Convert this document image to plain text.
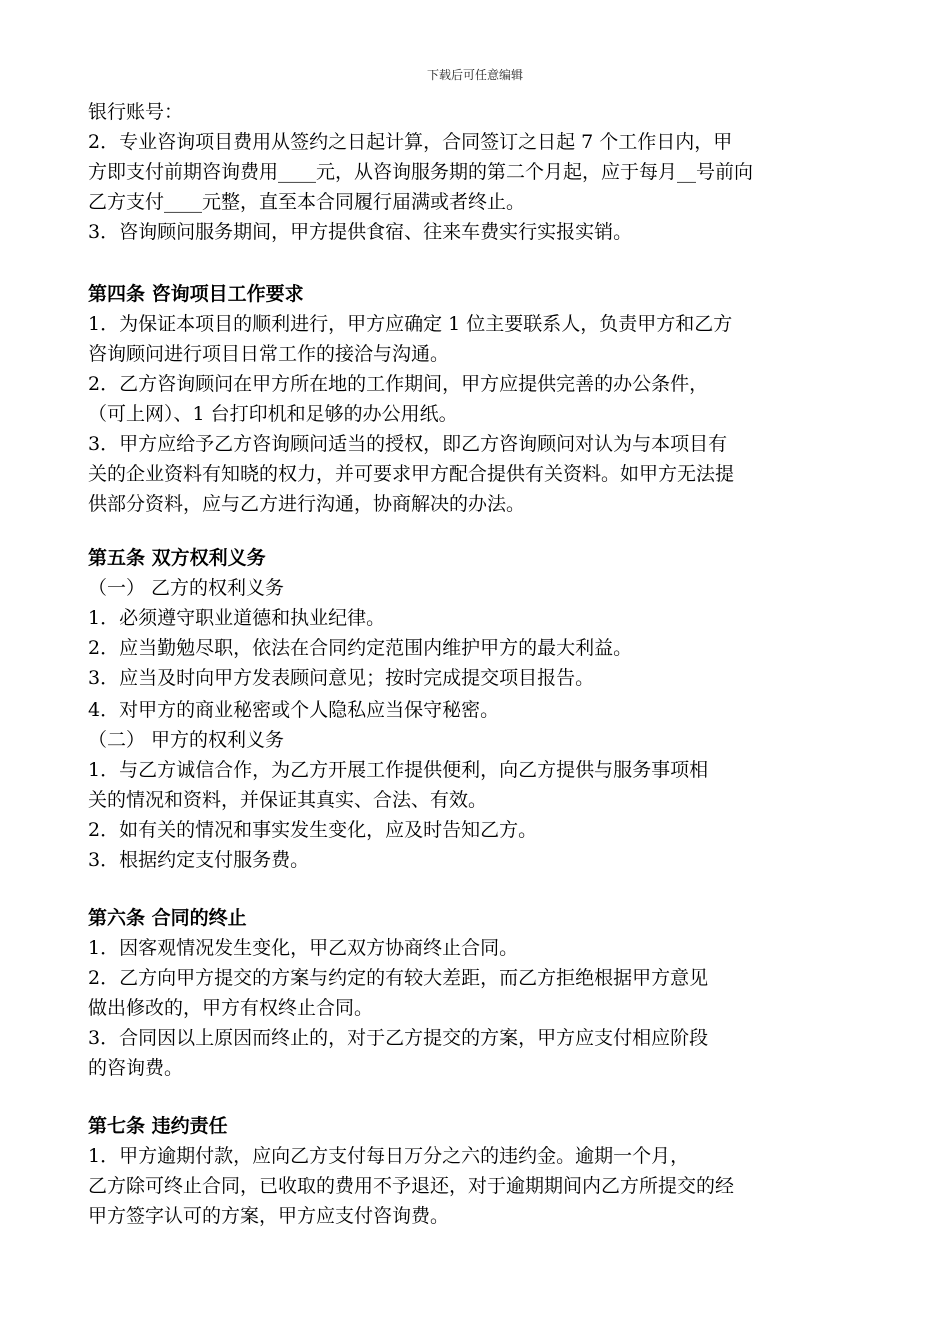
下载后可任意编辑
银行账号：
2．专业咨询项目费用从签约之日起计算，合同签订之日起 7 个工作日内，甲
方即支付前期咨询费用____元，从咨询服务期的第二个月起，应于每月__号前向
乙方支付____元整，直至本合同履行届满或者终止。
3．咨询顾问服务期间，甲方提供食宿、往来车费实行实报实销。
第四条 咨询项目工作要求
1．为保证本项目的顺利进行，甲方应确定 1 位主要联系人，负责甲方和乙方
咨询顾问进行项目日常工作的接洽与沟通。
2．乙方咨询顾问在甲方所在地的工作期间，甲方应提供完善的办公条件，
（可上网）、1 台打印机和足够的办公用纸。
3．甲方应给予乙方咨询顾问适当的授权，即乙方咨询顾问对认为与本项目有
关的企业资料有知晓的权力，并可要求甲方配合提供有关资料。如甲方无法提
供部分资料，应与乙方进行沟通，协商解决的办法。
第五条 双方权利义务
（一） 乙方的权利义务
1．必须遵守职业道德和执业纪律。
2．应当勤勉尽职，依法在合同约定范围内维护甲方的最大利益。
3．应当及时向甲方发表顾问意见；按时完成提交项目报告。
4．对甲方的商业秘密或个人隐私应当保守秘密。
（二） 甲方的权利义务
1．与乙方诚信合作，为乙方开展工作提供便利，向乙方提供与服务事项相
关的情况和资料，并保证其真实、合法、有效。
2．如有关的情况和事实发生变化，应及时告知乙方。
3．根据约定支付服务费。
第六条 合同的终止
1．因客观情况发生变化，甲乙双方协商终止合同。
2．乙方向甲方提交的方案与约定的有较大差距，而乙方拒绝根据甲方意见
做出修改的，甲方有权终止合同。
3．合同因以上原因而终止的，对于乙方提交的方案，甲方应支付相应阶段
的咨询费。
第七条 违约责任
1．甲方逾期付款，应向乙方支付每日万分之六的违约金。逾期一个月，
乙方除可终止合同，已收取的费用不予退还，对于逾期期间内乙方所提交的经
甲方签字认可的方案，甲方应支付咨询费。
